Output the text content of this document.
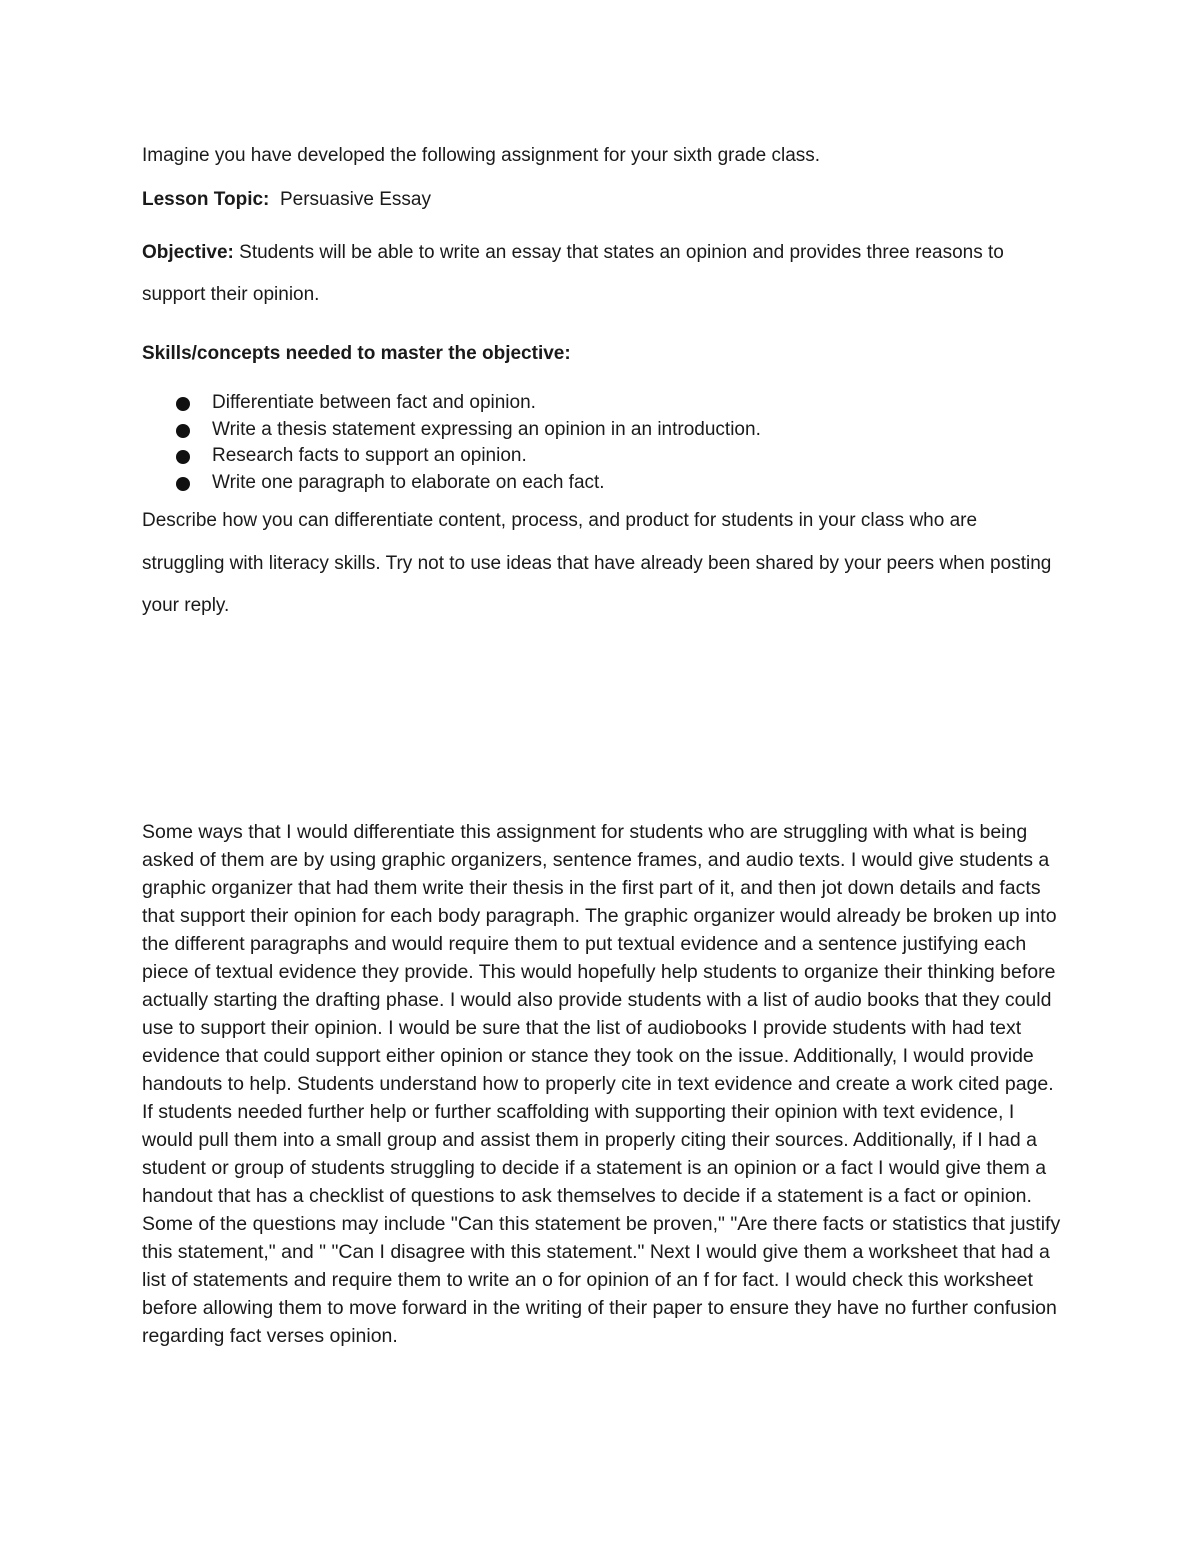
Imagine you have developed the following assignment for your sixth grade class.

Lesson Topic: Persuasive Essay

Objective: Students will be able to write an essay that states an opinion and provides three reasons to support their opinion.

Skills/concepts needed to master the objective:

Differentiate between fact and opinion.
Write a thesis statement expressing an opinion in an introduction.
Research facts to support an opinion.
Write one paragraph to elaborate on each fact.

Describe how you can differentiate content, process, and product for students in your class who are struggling with literacy skills. Try not to use ideas that have already been shared by your peers when posting your reply.

Some ways that I would differentiate this assignment for students who are struggling with what is being asked of them are by using graphic organizers, sentence frames, and audio texts. I would give students a graphic organizer that had them write their thesis in the first part of it, and then jot down details and facts that support their opinion for each body paragraph. The graphic organizer would already be broken up into the different paragraphs and would require them to put textual evidence and a sentence justifying each piece of textual evidence they provide. This would hopefully help students to organize their thinking before actually starting the drafting phase. I would also provide students with a list of audio books that they could use to support their opinion. I would be sure that the list of audiobooks I provide students with had text evidence that could support either opinion or stance they took on the issue. Additionally, I would provide handouts to help. Students understand how to properly cite in text evidence and create a work cited page. If students needed further help or further scaffolding with supporting their opinion with text evidence, I would pull them into a small group and assist them in properly citing their sources. Additionally, if I had a student or group of students struggling to decide if a statement is an opinion or a fact I would give them a handout that has a checklist of questions to ask themselves to decide if a statement is a fact or opinion. Some of the questions may include "Can this statement be proven," "Are there facts or statistics that justify this statement," and " "Can I disagree with this statement." Next I would give them a worksheet that had a list of statements and require them to write an o for opinion of an f for fact. I would check this worksheet before allowing them to move forward in the writing of their paper to ensure they have no further confusion regarding fact verses opinion.
